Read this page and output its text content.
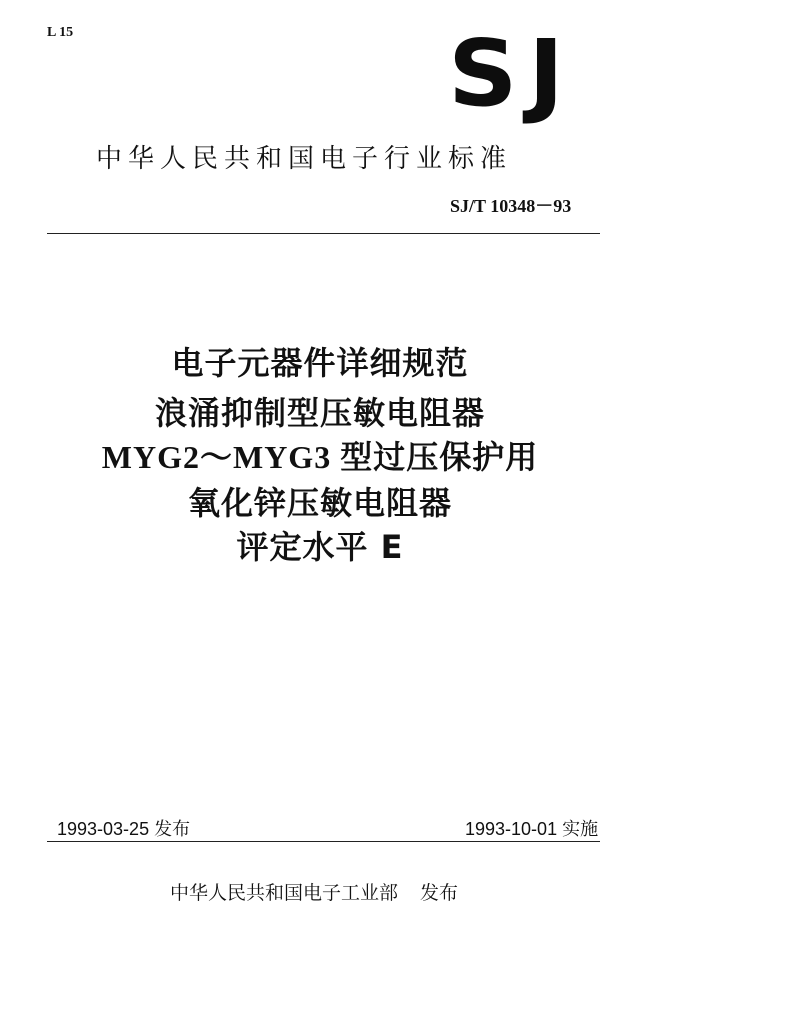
L 15	SJ
中华人民共和国电子行业标准
SJ/T 10348－93
电子元器件详细规范
浪涌抑制型压敏电阻器
MYG2～MYG3 型过压保护用
氧化锌压敏电阻器
评定水平 E
1993-03-25 发布	1993-10-01 实施
中华人民共和国电子工业部 发布
